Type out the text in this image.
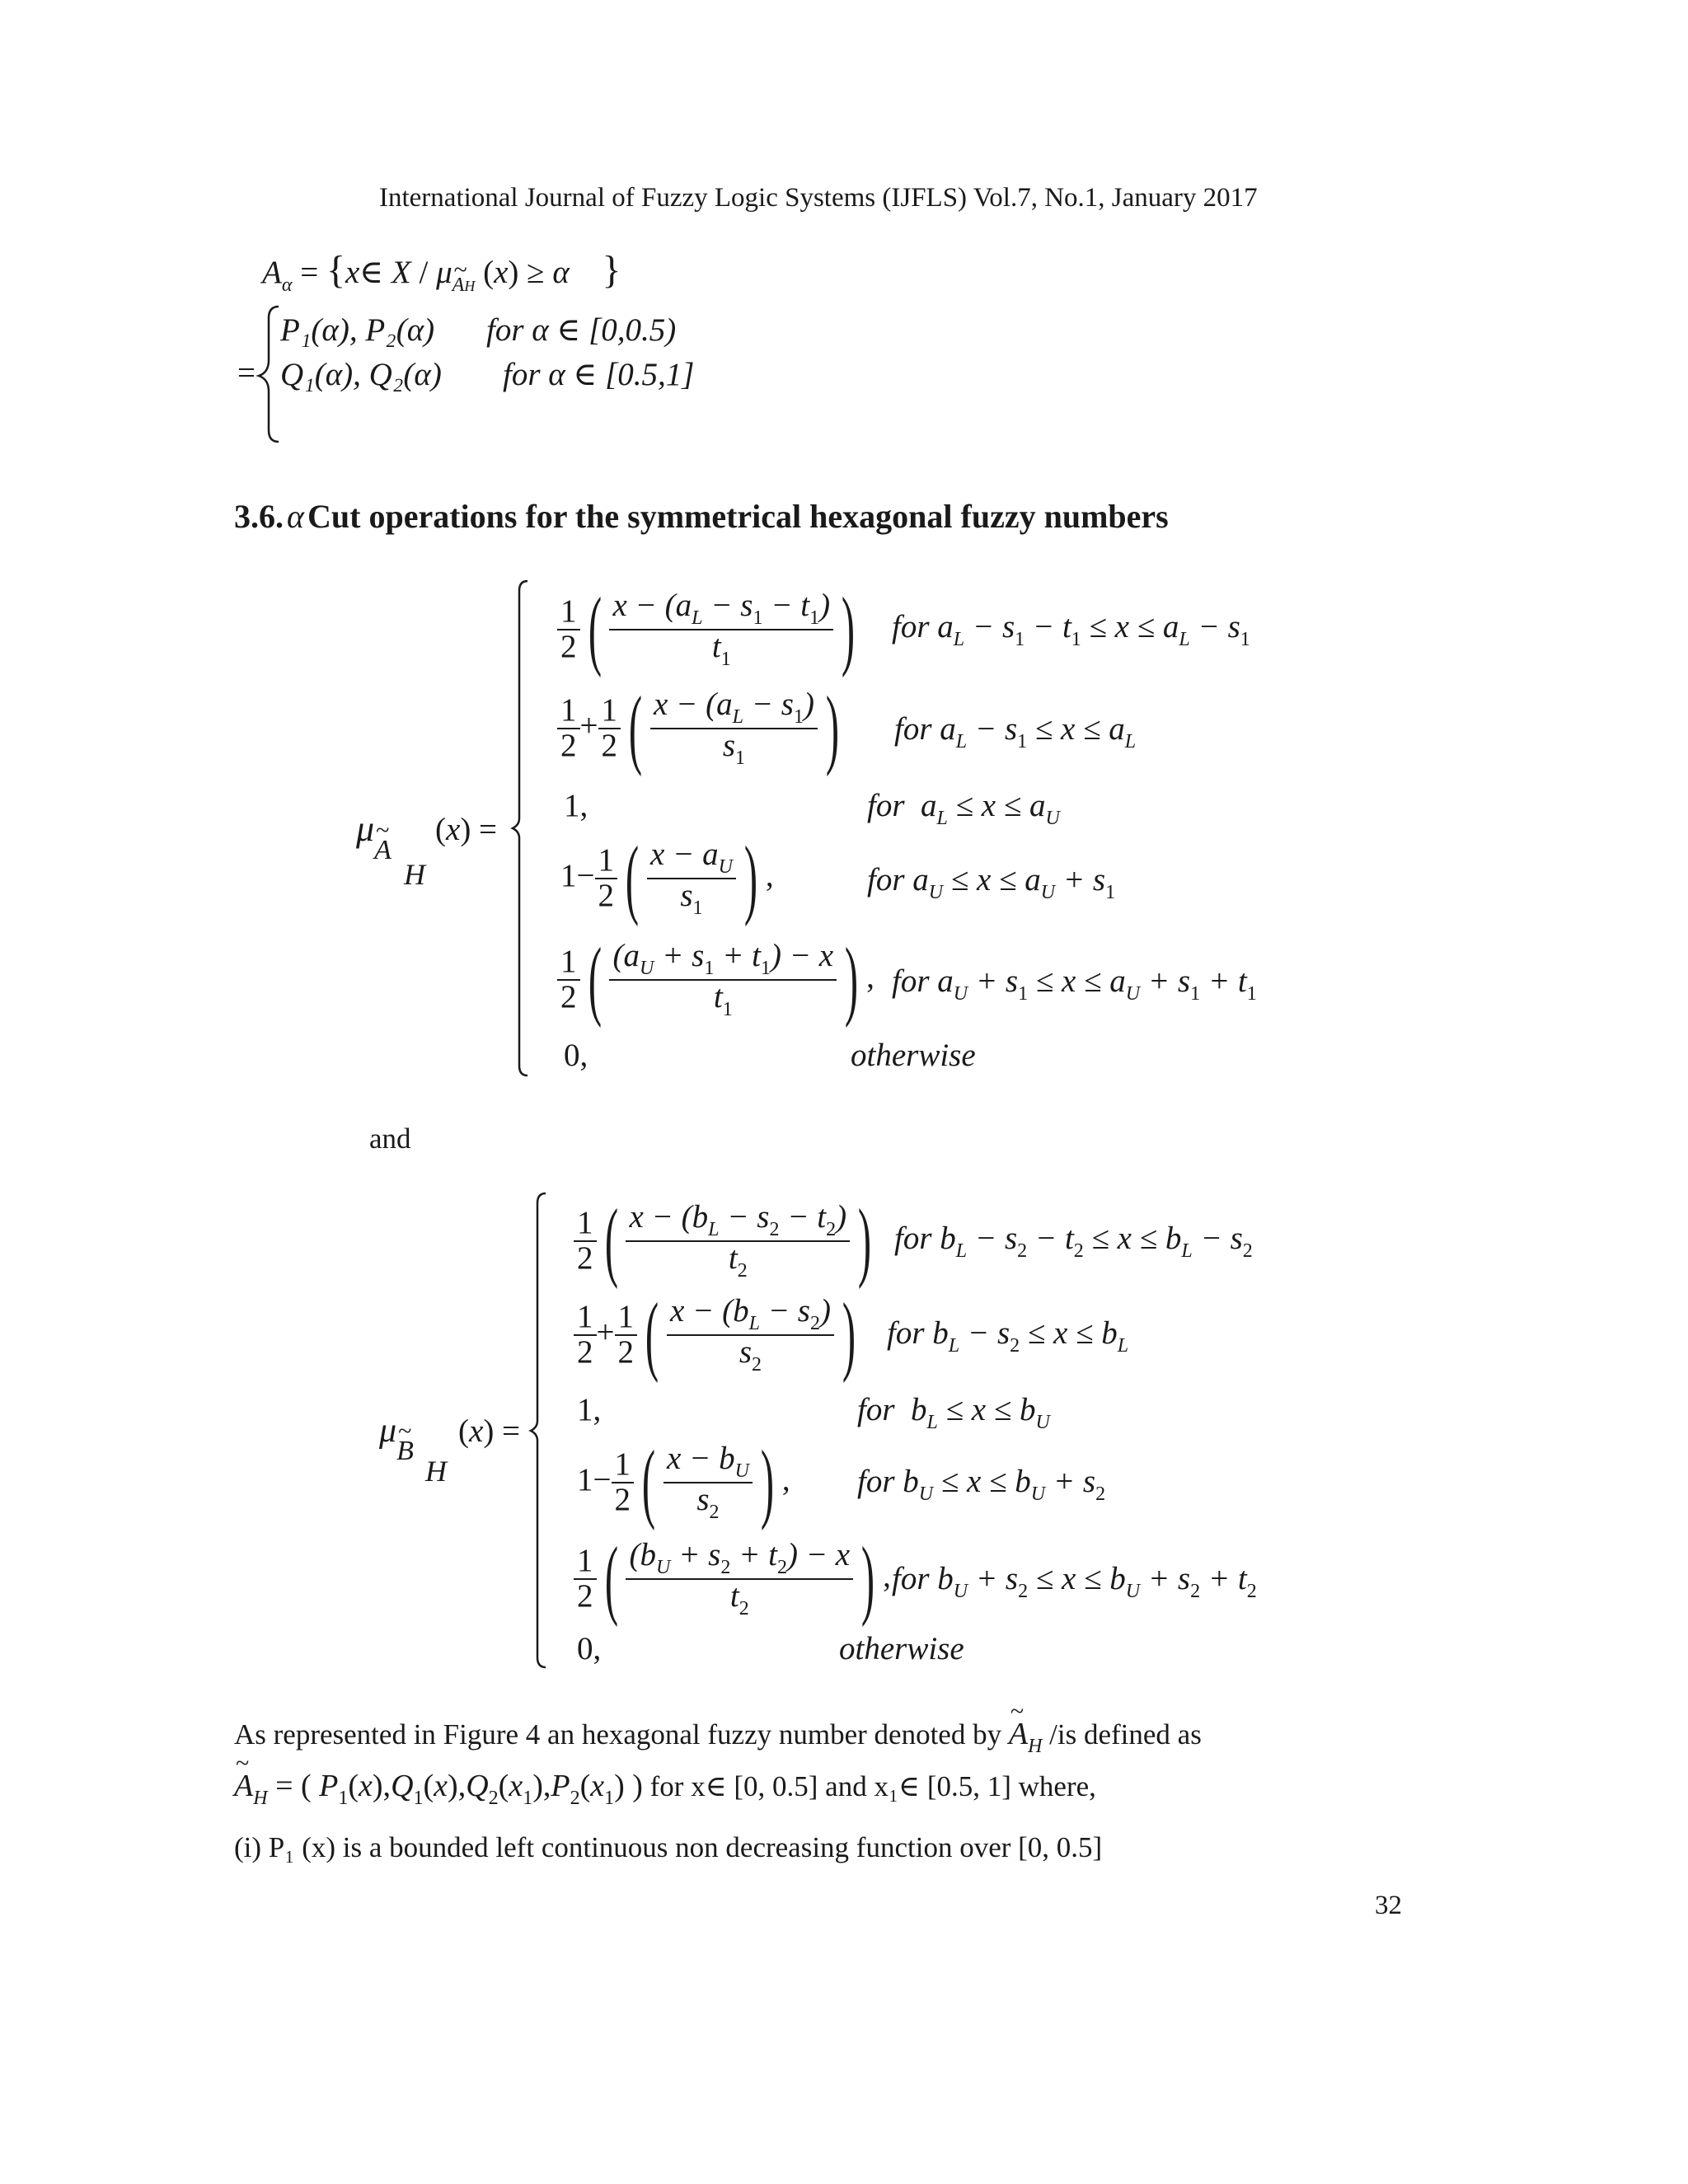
International Journal of Fuzzy Logic Systems (IJFLS) Vol.7, No.1, January 2017
$A_\alpha$ = {x∈ X / μ~ $_{AH}$ (x) ≥ α }
=
P₁(α), P₂(α) for α ∈ [0,0.5)
Q₁(α), Q₂(α) for α ∈ [0.5,1]
3.6. α Cut operations for the symmetrical hexagonal fuzzy numbers
μ~ $_A$
H
(x) =
$\frac{1}{2}$ ( $\frac{x - (a_L - s_1 - t_1)}{t_1}$ ) for $a_L - s_1 - t_1 \le x \le a_L - s_1$
$\frac{1}{2} + \frac{1}{2}$ ( $\frac{x - (a_L - s_1)}{s_1}$ ) for $a_L - s_1 \le x \le a_L$
1,	for  $a_L \le x \le a_U$
$1- \frac{1}{2}$ ( $\frac{x - a_U}{s_1}$ ) ,	for $a_U \le x \le a_U + s_1$
$\frac{1}{2}$ ( $\frac{(a_U + s_1 + t_1) - x}{t_1}$ ) , for $a_U + s_1 \le x \le a_U + s_1 + t_1$
0,	otherwise
and
μ~ $_B$
H
(x) =
$\frac{1}{2}$ ( $\frac{x - (b_L - s_2 - t_2)}{t_2}$ ) for $b_L - s_2 - t_2 \le x \le b_L - s_2$
$\frac{1}{2} + \frac{1}{2}$ ( $\frac{x - (b_L - s_2)}{s_2}$ ) for $b_L - s_2 \le x \le b_L$
1,	for  $b_L \le x \le b_U$
$1- \frac{1}{2}$ ( $\frac{x - b_U}{s_2}$ ) , for $b_U \le x \le b_U + s_2$
$\frac{1}{2}$ ( $\frac{(b_U + s_2 + t_2) - x}{t_2}$ ) , for $b_U + s_2 \le x \le b_U + s_2 + t_2$
0,	otherwise
As represented in Figure 4 an hexagonal fuzzy number denoted by ~ $A_H$ /is defined as
~ $A_H$ = ( $P_1(x),Q_1(x),Q_2(x_1),P_2(x_1)$ ) for x∈ [0, 0.5] and x₁∈ [0.5, 1] where,
(i) P₁ (x) is a bounded left continuous non decreasing function over [0, 0.5]
32
